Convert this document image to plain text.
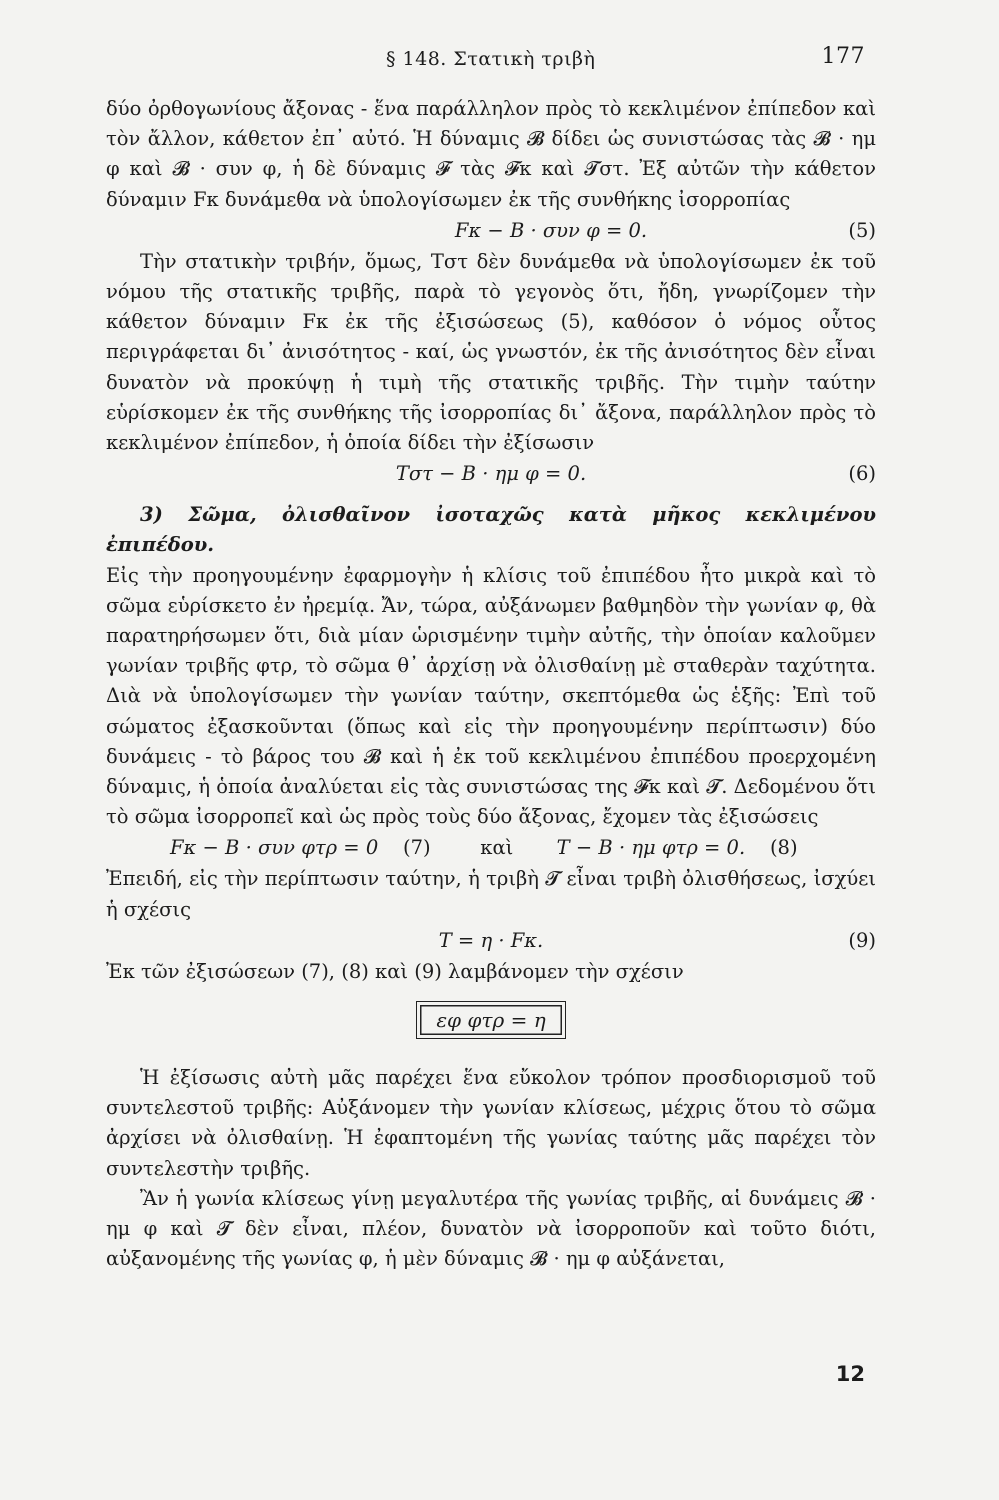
§ 148. Στατικὴ τριβὴ	177

δύο ὀρθογωνίους ἄξονας - ἕνα παράλληλον πρὸς τὸ κεκλιμένον ἐπίπεδον καὶ τὸν ἄλλον, κάθετον ἐπ᾽ αὐτό. Ἡ δύναμις 𝓑 δίδει ὡς συνιστώσας τὰς 𝓑 · ημ φ καὶ 𝓑 · συν φ, ἡ δὲ δύναμις 𝓕 τὰς 𝓕κ καὶ 𝓣στ. Ἐξ αὐτῶν τὴν κάθετον δύναμιν Fκ δυνάμεθα νὰ ὑπολογίσωμεν ἐκ τῆς συνθήκης ἰσορροπίας

Fκ − B · συν φ = 0.	(5)

Τὴν στατικὴν τριβήν, ὅμως, Tστ δὲν δυνάμεθα νὰ ὑπολογίσωμεν ἐκ τοῦ νόμου τῆς στατικῆς τριβῆς, παρὰ τὸ γεγονὸς ὅτι, ἤδη, γνωρίζομεν τὴν κάθετον δύναμιν Fκ ἐκ τῆς ἐξισώσεως (5), καθόσον ὁ νόμος οὗτος περιγράφεται δι᾽ ἀνισότητος - καί, ὡς γνωστόν, ἐκ τῆς ἀνισότητος δὲν εἶναι δυνατὸν νὰ προκύψῃ ἡ τιμὴ τῆς στατικῆς τριβῆς. Τὴν τιμὴν ταύτην εὑρίσκομεν ἐκ τῆς συνθήκης τῆς ἰσορροπίας δι᾽ ἄξονα, παράλληλον πρὸς τὸ κεκλιμένον ἐπίπεδον, ἡ ὁποία δίδει τὴν ἐξίσωσιν

Tστ − B · ημ φ = 0.	(6)

3) Σῶμα, ὀλισθαῖνον ἰσοταχῶς κατὰ μῆκος κεκλιμένου ἐπιπέδου.

Εἰς τὴν προηγουμένην ἐφαρμογὴν ἡ κλίσις τοῦ ἐπιπέδου ἦτο μικρὰ καὶ τὸ σῶμα εὑρίσκετο ἐν ἠρεμίᾳ. Ἄν, τώρα, αὐξάνωμεν βαθμηδὸν τὴν γωνίαν φ, θὰ παρατηρήσωμεν ὅτι, διὰ μίαν ὡρισμένην τιμὴν αὐτῆς, τὴν ὁποίαν καλοῦμεν γωνίαν τριβῆς φτρ, τὸ σῶμα θ᾽ ἀρχίσῃ νὰ ὀλισθαίνῃ μὲ σταθερὰν ταχύτητα. Διὰ νὰ ὑπολογίσωμεν τὴν γωνίαν ταύτην, σκεπτόμεθα ὡς ἑξῆς: Ἐπὶ τοῦ σώματος ἐξασκοῦνται (ὅπως καὶ εἰς τὴν προηγουμένην περίπτωσιν) δύο δυνάμεις - τὸ βάρος του 𝓑 καὶ ἡ ἐκ τοῦ κεκλιμένου ἐπιπέδου προερχομένη δύναμις, ἡ ὁποία ἀναλύεται εἰς τὰς συνιστώσας της 𝓕κ καὶ 𝓣. Δεδομένου ὅτι τὸ σῶμα ἰσορροπεῖ καὶ ὡς πρὸς τοὺς δύο ἄξονας, ἔχομεν τὰς ἐξισώσεις

Fκ − B · συν φτρ = 0 (7)	καὶ T − B · ημ φτρ = 0. (8)

Ἐπειδή, εἰς τὴν περίπτωσιν ταύτην, ἡ τριβὴ 𝓣 εἶναι τριβὴ ὀλισθήσεως, ἰσχύει ἡ σχέσις

T = η · Fκ.	(9)

Ἐκ τῶν ἐξισώσεων (7), (8) καὶ (9) λαμβάνομεν τὴν σχέσιν

εφ φτρ = η

Ἡ ἐξίσωσις αὐτὴ μᾶς παρέχει ἕνα εὔκολον τρόπον προσδιορισμοῦ τοῦ συντελεστοῦ τριβῆς: Αὐξάνομεν τὴν γωνίαν κλίσεως, μέχρις ὅτου τὸ σῶμα ἀρχίσει νὰ ὀλισθαίνῃ. Ἡ ἐφαπτομένη τῆς γωνίας ταύτης μᾶς παρέχει τὸν συντελεστὴν τριβῆς.

Ἂν ἡ γωνία κλίσεως γίνῃ μεγαλυτέρα τῆς γωνίας τριβῆς, αἱ δυνάμεις 𝓑 · ημ φ καὶ 𝓣 δὲν εἶναι, πλέον, δυνατὸν νὰ ἰσορροποῦν καὶ τοῦτο διότι, αὐξανομένης τῆς γωνίας φ, ἡ μὲν δύναμις 𝓑 · ημ φ αὐξάνεται,

12
